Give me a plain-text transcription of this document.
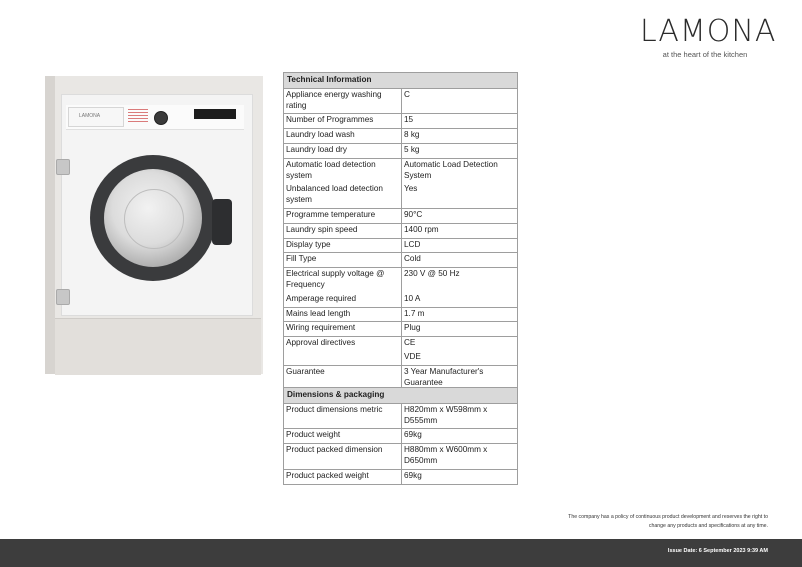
LAMONA
at the heart of the kitchen
LAMONA
Technical Information	
Appliance energy washing rating	C
Number of Programmes	15
Laundry load wash	8 kg
Laundry load dry	5 kg
Automatic load detection system	Automatic Load Detection System
Unbalanced load detection system	Yes
Programme temperature	90°C
Laundry spin speed	1400 rpm
Display type	LCD
Fill Type	Cold
Electrical supply voltage @ Frequency	230 V @ 50 Hz
Amperage required	10 A
Mains lead length	1.7 m
Wiring requirement	Plug
Approval directives	CE
	VDE
Guarantee	3 Year Manufacturer's Guarantee
Dimensions & packaging	
Product dimensions metric	H820mm x W598mm x D555mm
Product weight	69kg
Product packed dimension	H880mm x W600mm x D650mm
Product packed weight	69kg
The company has a policy of continuous product development and reserves the right to
change any products and specifications at any time.
Issue Date: 6 September 2023 9:39 AM
